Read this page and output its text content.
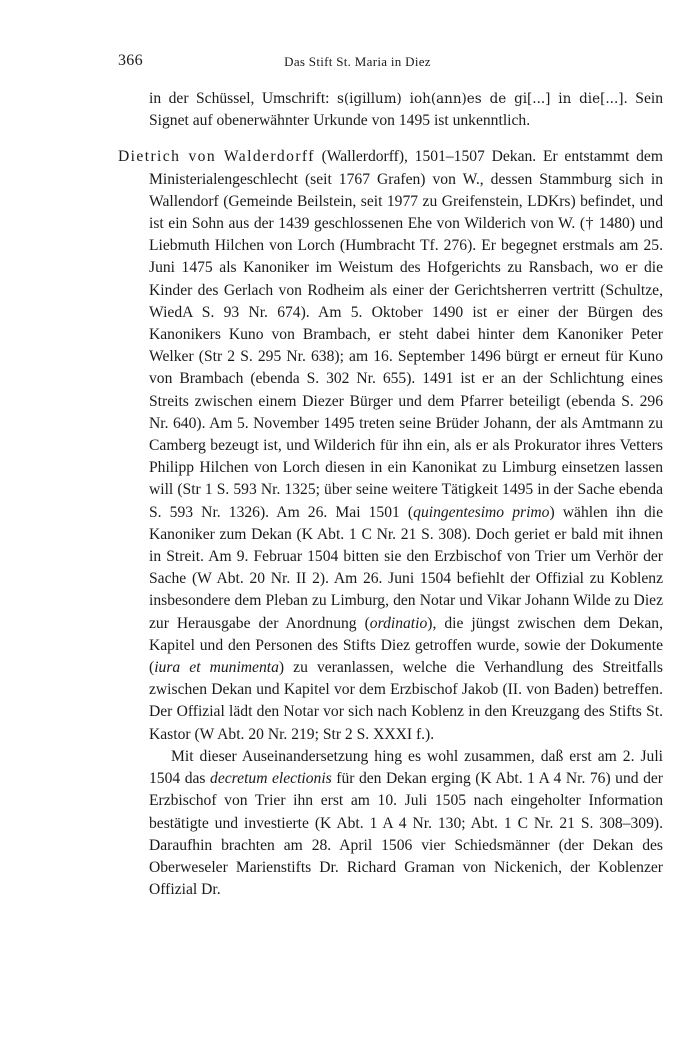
366	Das Stift St. Maria in Diez

in der Schüssel, Umschrift: s(igillum) ioh(ann)es de gi[...] in die[...]. Sein Signet auf obenerwähnter Urkunde von 1495 ist unkenntlich.

Dietrich von Walderdorff (Wallerdorff), 1501–1507 Dekan. Er entstammt dem Ministerialengeschlecht (seit 1767 Grafen) von W., dessen Stammburg sich in Wallendorf (Gemeinde Beilstein, seit 1977 zu Greifenstein, LDKrs) befindet, und ist ein Sohn aus der 1439 geschlossenen Ehe von Wilderich von W. († 1480) und Liebmuth Hilchen von Lorch (Humbracht Tf. 276). Er begegnet erstmals am 25. Juni 1475 als Kanoniker im Weistum des Hofgerichts zu Ransbach, wo er die Kinder des Gerlach von Rodheim als einer der Gerichtsherren vertritt (Schultze, WiedA S. 93 Nr. 674). Am 5. Oktober 1490 ist er einer der Bürgen des Kanonikers Kuno von Brambach, er steht dabei hinter dem Kanoniker Peter Welker (Str 2 S. 295 Nr. 638); am 16. September 1496 bürgt er erneut für Kuno von Brambach (ebenda S. 302 Nr. 655). 1491 ist er an der Schlichtung eines Streits zwischen einem Diezer Bürger und dem Pfarrer beteiligt (ebenda S. 296 Nr. 640). Am 5. November 1495 treten seine Brüder Johann, der als Amtmann zu Camberg bezeugt ist, und Wilderich für ihn ein, als er als Prokurator ihres Vetters Philipp Hilchen von Lorch diesen in ein Kanonikat zu Limburg einsetzen lassen will (Str 1 S. 593 Nr. 1325; über seine weitere Tätigkeit 1495 in der Sache ebenda S. 593 Nr. 1326). Am 26. Mai 1501 (quingentesimo primo) wählen ihn die Kanoniker zum Dekan (K Abt. 1 C Nr. 21 S. 308). Doch geriet er bald mit ihnen in Streit. Am 9. Februar 1504 bitten sie den Erzbischof von Trier um Verhör der Sache (W Abt. 20 Nr. II 2). Am 26. Juni 1504 befiehlt der Offizial zu Koblenz insbesondere dem Pleban zu Limburg, den Notar und Vikar Johann Wilde zu Diez zur Herausgabe der Anordnung (ordinatio), die jüngst zwischen dem Dekan, Kapitel und den Personen des Stifts Diez getroffen wurde, sowie der Dokumente (iura et munimenta) zu veranlassen, welche die Verhandlung des Streitfalls zwischen Dekan und Kapitel vor dem Erzbischof Jakob (II. von Baden) betreffen. Der Offizial lädt den Notar vor sich nach Koblenz in den Kreuzgang des Stifts St. Kastor (W Abt. 20 Nr. 219; Str 2 S. XXXI f.).

Mit dieser Auseinandersetzung hing es wohl zusammen, daß erst am 2. Juli 1504 das decretum electionis für den Dekan erging (K Abt. 1 A 4 Nr. 76) und der Erzbischof von Trier ihn erst am 10. Juli 1505 nach eingeholter Information bestätigte und investierte (K Abt. 1 A 4 Nr. 130; Abt. 1 C Nr. 21 S. 308–309). Daraufhin brachten am 28. April 1506 vier Schiedsmänner (der Dekan des Oberweseler Marienstifts Dr. Richard Graman von Nickenich, der Koblenzer Offizial Dr.
